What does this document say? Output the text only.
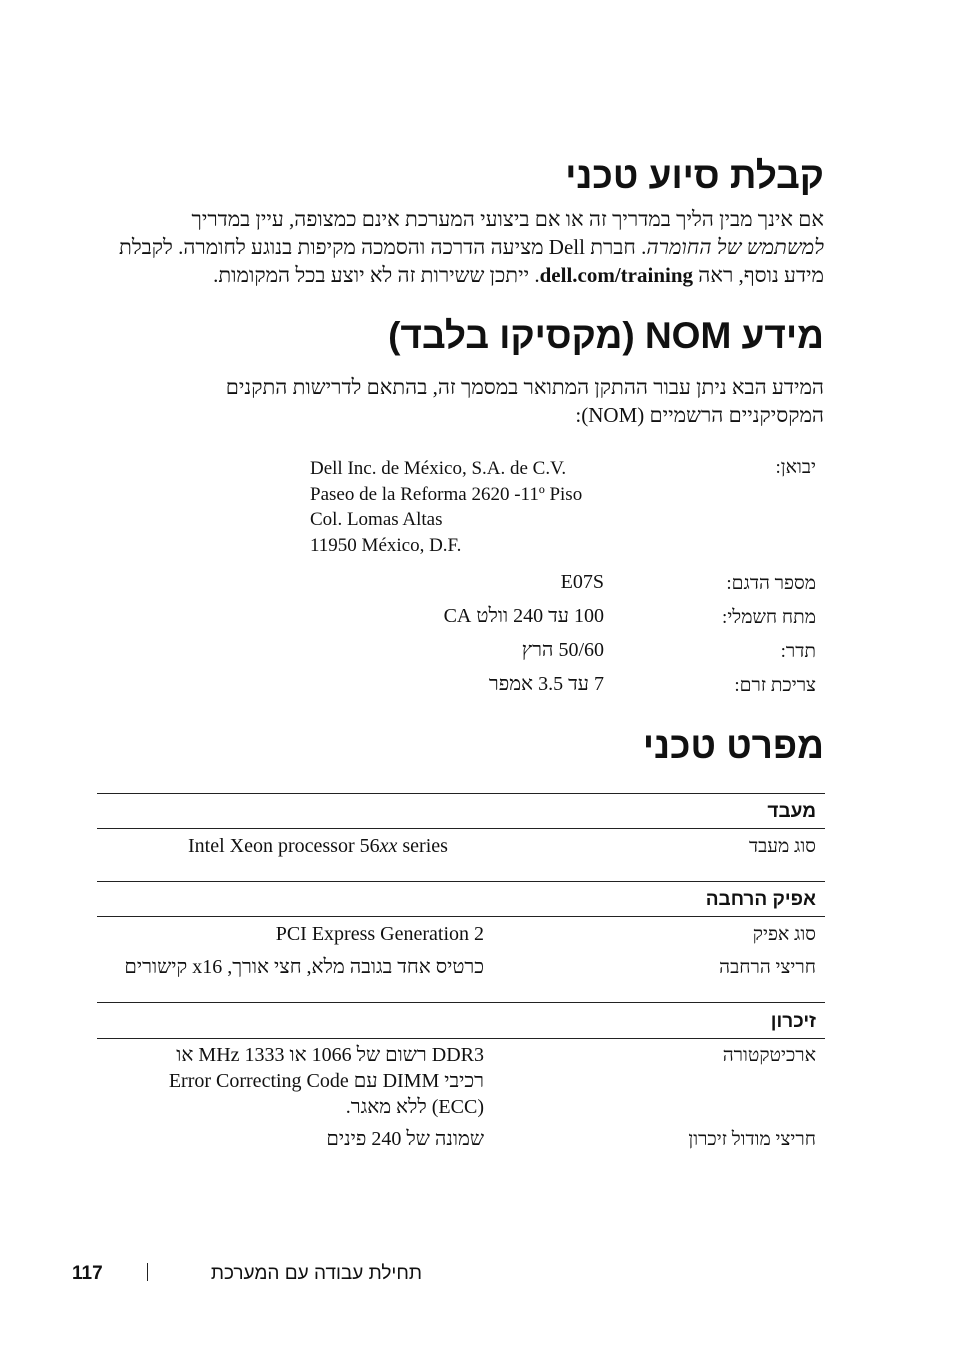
קבלת סיוע טכני
אם אינך מבין הליך במדריך זה או אם ביצועי המערכת אינם כמצופה, עיין במדריך
למשתמש של החומרה. חברת Dell מציעה הדרכה והסמכה מקיפות בנוגע לחומרה. לקבלת
מידע נוסף, ראה dell.com/training. ייתכן ששירות זה לא יוצע בכל המקומות.
מידע NOM (מקסיקו בלבד)
המידע הבא ניתן עבור ההתקן המתואר במסמך זה, בהתאם לדרישות התקנים
המקסיקניים הרשמיים (NOM):
יבואן:
Dell Inc. de México, S.A. de C.V.
Paseo de la Reforma 2620 -11º Piso
Col. Lomas Altas
11950 México, D.F.
מספר הדגם:
E07S
מתח חשמלי:
100 עד 240 וולט CA
תדר:
50/60 הרץ
צריכת זרם:
7 עד 3.5 אמפר
מפרט טכני
מעבד
סוג מעבד
Intel Xeon processor 56xx series
אפיק הרחבה
סוג אפיק
PCI Express Generation 2
חריצי הרחבה
כרטיס אחד בגובה מלא, חצי אורך, x16 קישורים
זיכרון
ארכיטקטורה
DDR3 רשום של 1066 או 1333 MHz או
רכיבי DIMM עם Error Correcting Code
(ECC) ללא מאגר.
חריצי מודול זיכרון
שמונה של 240 פינים
117	תחילת עבודה עם המערכת
